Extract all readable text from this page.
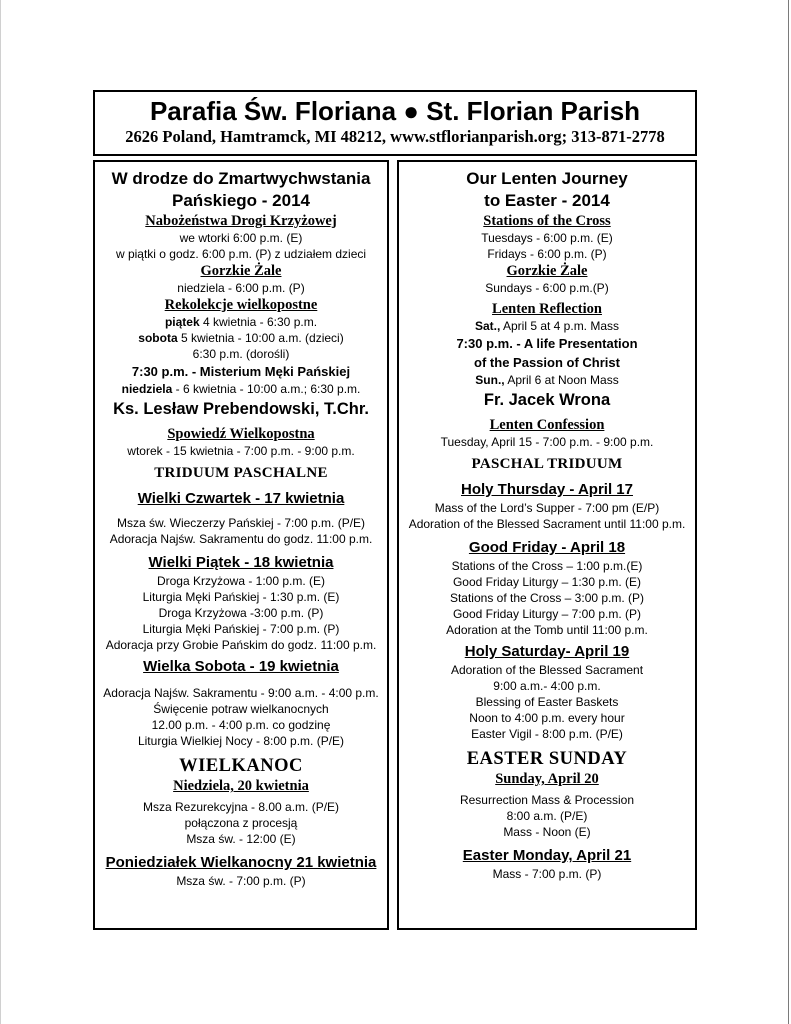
Parafia Św. Floriana ● St. Florian Parish
2626 Poland, Hamtramck, MI 48212, www.stflorianparish.org; 313-871-2778
W drodze do Zmartwychwstania
Pańskiego - 2014
Nabożeństwa Drogi Krzyżowej
we wtorki 6:00 p.m. (E)
w piątki o godz. 6:00 p.m. (P) z udziałem dzieci
Gorzkie Żale
niedziela - 6:00 p.m. (P)
Rekolekcje wielkopostne
piątek 4 kwietnia - 6:30 p.m.
sobota 5 kwietnia - 10:00 a.m. (dzieci)
6:30 p.m. (dorośli)
7:30 p.m. - Misterium Męki Pańskiej
niedziela - 6 kwietnia - 10:00 a.m.; 6:30 p.m.
Ks. Lesław Prebendowski, T.Chr.
Spowiedź Wielkopostna
wtorek - 15 kwietnia - 7:00 p.m. - 9:00 p.m.
TRIDUUM PASCHALNE
Wielki Czwartek - 17 kwietnia
Msza św. Wieczerzy Pańskiej - 7:00 p.m. (P/E)
Adoracja Najśw. Sakramentu do godz. 11:00 p.m.
Wielki Piątek - 18 kwietnia
Droga Krzyżowa - 1:00 p.m. (E)
Liturgia Męki Pańskiej - 1:30 p.m. (E)
Droga Krzyżowa -3:00 p.m. (P)
Liturgia Męki Pańskiej - 7:00 p.m. (P)
Adoracja przy Grobie Pańskim do godz. 11:00 p.m.
Wielka Sobota - 19 kwietnia
Adoracja Najśw. Sakramentu - 9:00 a.m. - 4:00 p.m.
Święcenie potraw wielkanocnych
12.00 p.m. - 4:00 p.m. co godzinę
Liturgia Wielkiej Nocy - 8:00 p.m. (P/E)
WIELKANOC
Niedziela, 20 kwietnia
Msza Rezurekcyjna - 8.00 a.m. (P/E)
połączona z procesją
Msza św. - 12:00 (E)
Poniedziałek Wielkanocny 21 kwietnia
Msza św. - 7:00 p.m. (P)
Our Lenten Journey
to Easter - 2014
Stations of the Cross
Tuesdays - 6:00 p.m. (E)
Fridays - 6:00 p.m. (P)
Gorzkie Żale
Sundays - 6:00 p.m.(P)
Lenten Reflection
Sat., April 5 at 4 p.m. Mass
7:30 p.m. - A life Presentation
of the Passion of Christ
Sun., April 6 at Noon Mass
Fr. Jacek Wrona
Lenten Confession
Tuesday, April 15 - 7:00 p.m. - 9:00 p.m.
PASCHAL TRIDUUM
Holy Thursday - April 17
Mass of the Lord’s Supper - 7:00 pm (E/P)
Adoration of the Blessed Sacrament until 11:00 p.m.
Good Friday - April 18
Stations of the Cross – 1:00 p.m.(E)
Good Friday Liturgy – 1:30 p.m. (E)
Stations of the Cross – 3:00 p.m. (P)
Good Friday Liturgy – 7:00 p.m. (P)
Adoration at the Tomb until 11:00 p.m.
Holy Saturday- April 19
Adoration of the Blessed Sacrament
9:00 a.m.- 4:00 p.m.
Blessing of Easter Baskets
Noon to 4:00 p.m. every hour
Easter Vigil - 8:00 p.m. (P/E)
EASTER SUNDAY
Sunday, April 20
Resurrection Mass & Procession
8:00 a.m. (P/E)
Mass - Noon (E)
Easter Monday, April 21
Mass - 7:00 p.m. (P)
